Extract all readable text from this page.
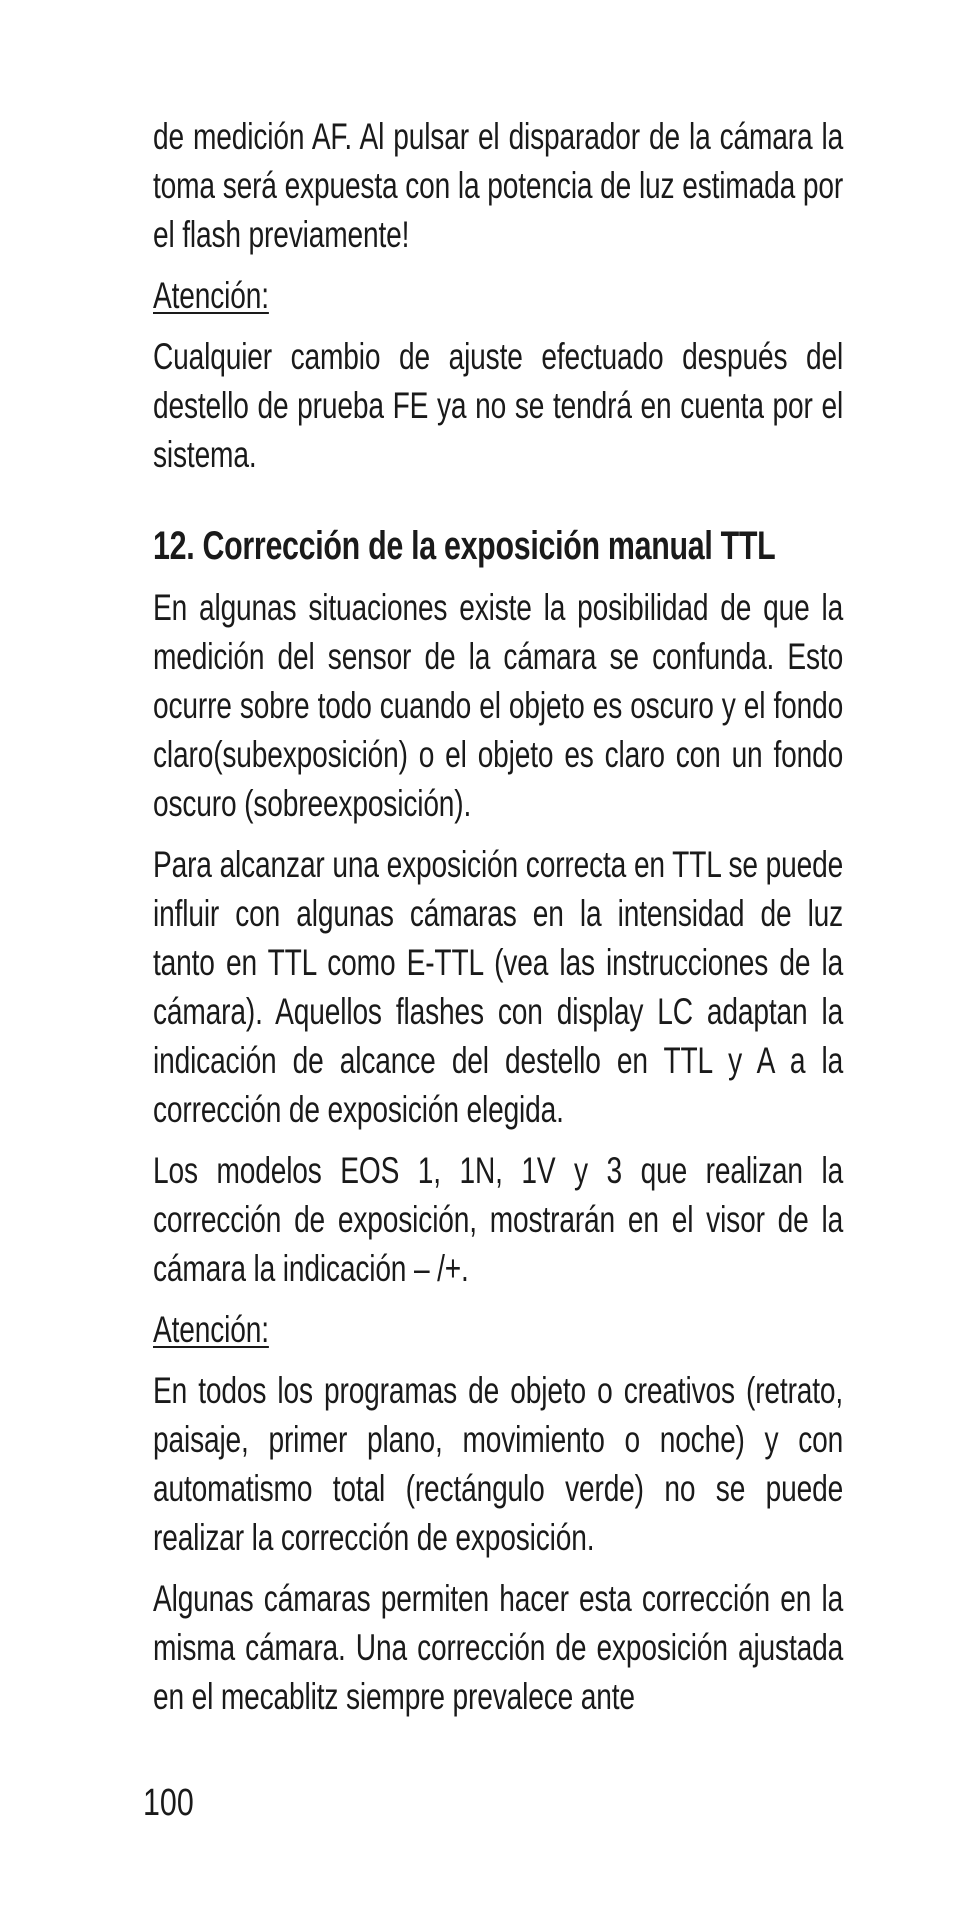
de medición AF. Al pulsar el disparador de la cámara la toma será expuesta con la potencia de luz estimada por el flash previamente!

Atención:

Cualquier cambio de ajuste efectuado después del destello de prueba FE ya no se tendrá en cuenta por el sistema.

12. Corrección de la exposición manual TTL

En algunas situaciones existe la posibilidad de que la medición del sensor de la cámara se confunda. Esto ocurre sobre todo cuando el objeto es oscuro y el fondo claro(subexposición) o el objeto es claro con un fondo oscuro (sobreexposición).

Para alcanzar una exposición correcta en TTL se puede influir con algunas cámaras en la intensidad de luz tanto en TTL como E-TTL (vea las instrucciones de la cámara). Aquellos flashes con display LC adaptan la indicación de alcance del destello en TTL y A a la corrección de exposición elegida.

Los modelos EOS 1, 1N, 1V y 3 que realizan la corrección de exposición, mostrarán en el visor de la cámara la indicación – /+.

Atención:

En todos los programas de objeto o creativos (retrato, paisaje, primer plano, movimiento o noche) y con automatismo total (rectángulo verde) no se puede realizar la corrección de exposición.

Algunas cámaras permiten hacer esta corrección en la misma cámara. Una corrección de exposición ajustada en el mecablitz siempre prevalece ante

100
